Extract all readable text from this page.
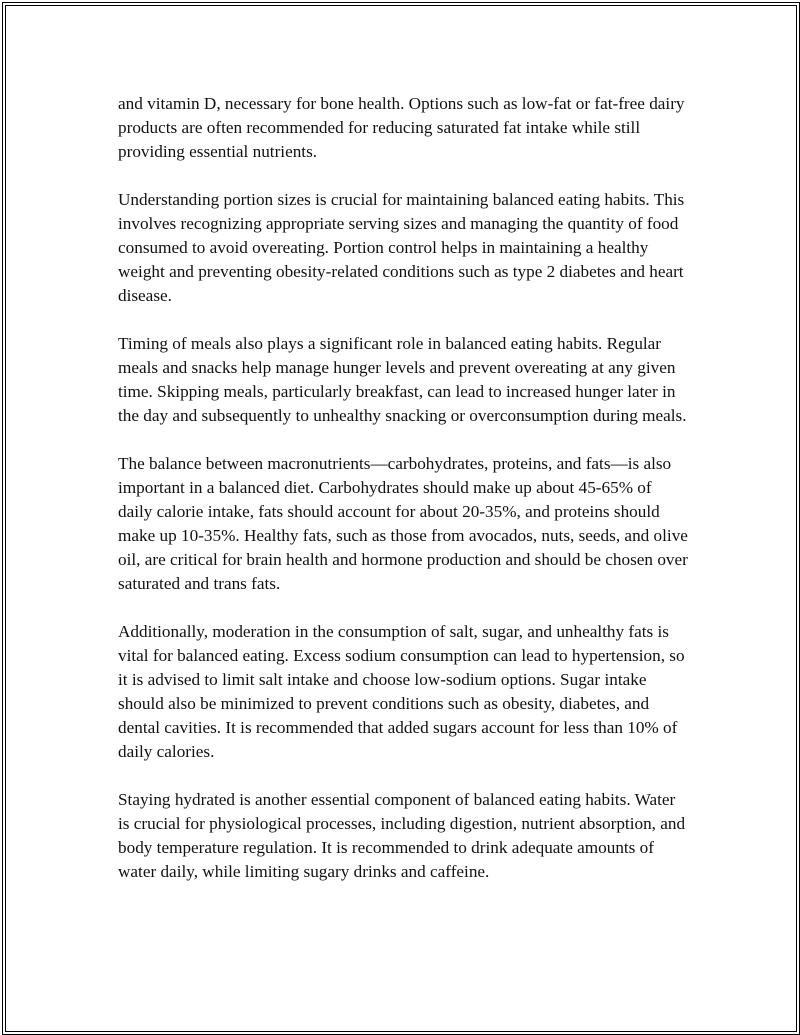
and vitamin D, necessary for bone health. Options such as low-fat or fat-free dairy products are often recommended for reducing saturated fat intake while still providing essential nutrients.

Understanding portion sizes is crucial for maintaining balanced eating habits. This involves recognizing appropriate serving sizes and managing the quantity of food consumed to avoid overeating. Portion control helps in maintaining a healthy weight and preventing obesity-related conditions such as type 2 diabetes and heart disease.

Timing of meals also plays a significant role in balanced eating habits. Regular meals and snacks help manage hunger levels and prevent overeating at any given time. Skipping meals, particularly breakfast, can lead to increased hunger later in the day and subsequently to unhealthy snacking or overconsumption during meals.

The balance between macronutrients—carbohydrates, proteins, and fats—is also important in a balanced diet. Carbohydrates should make up about 45-65% of daily calorie intake, fats should account for about 20-35%, and proteins should make up 10-35%. Healthy fats, such as those from avocados, nuts, seeds, and olive oil, are critical for brain health and hormone production and should be chosen over saturated and trans fats.

Additionally, moderation in the consumption of salt, sugar, and unhealthy fats is vital for balanced eating. Excess sodium consumption can lead to hypertension, so it is advised to limit salt intake and choose low-sodium options. Sugar intake should also be minimized to prevent conditions such as obesity, diabetes, and dental cavities. It is recommended that added sugars account for less than 10% of daily calories.

Staying hydrated is another essential component of balanced eating habits. Water is crucial for physiological processes, including digestion, nutrient absorption, and body temperature regulation. It is recommended to drink adequate amounts of water daily, while limiting sugary drinks and caffeine.
